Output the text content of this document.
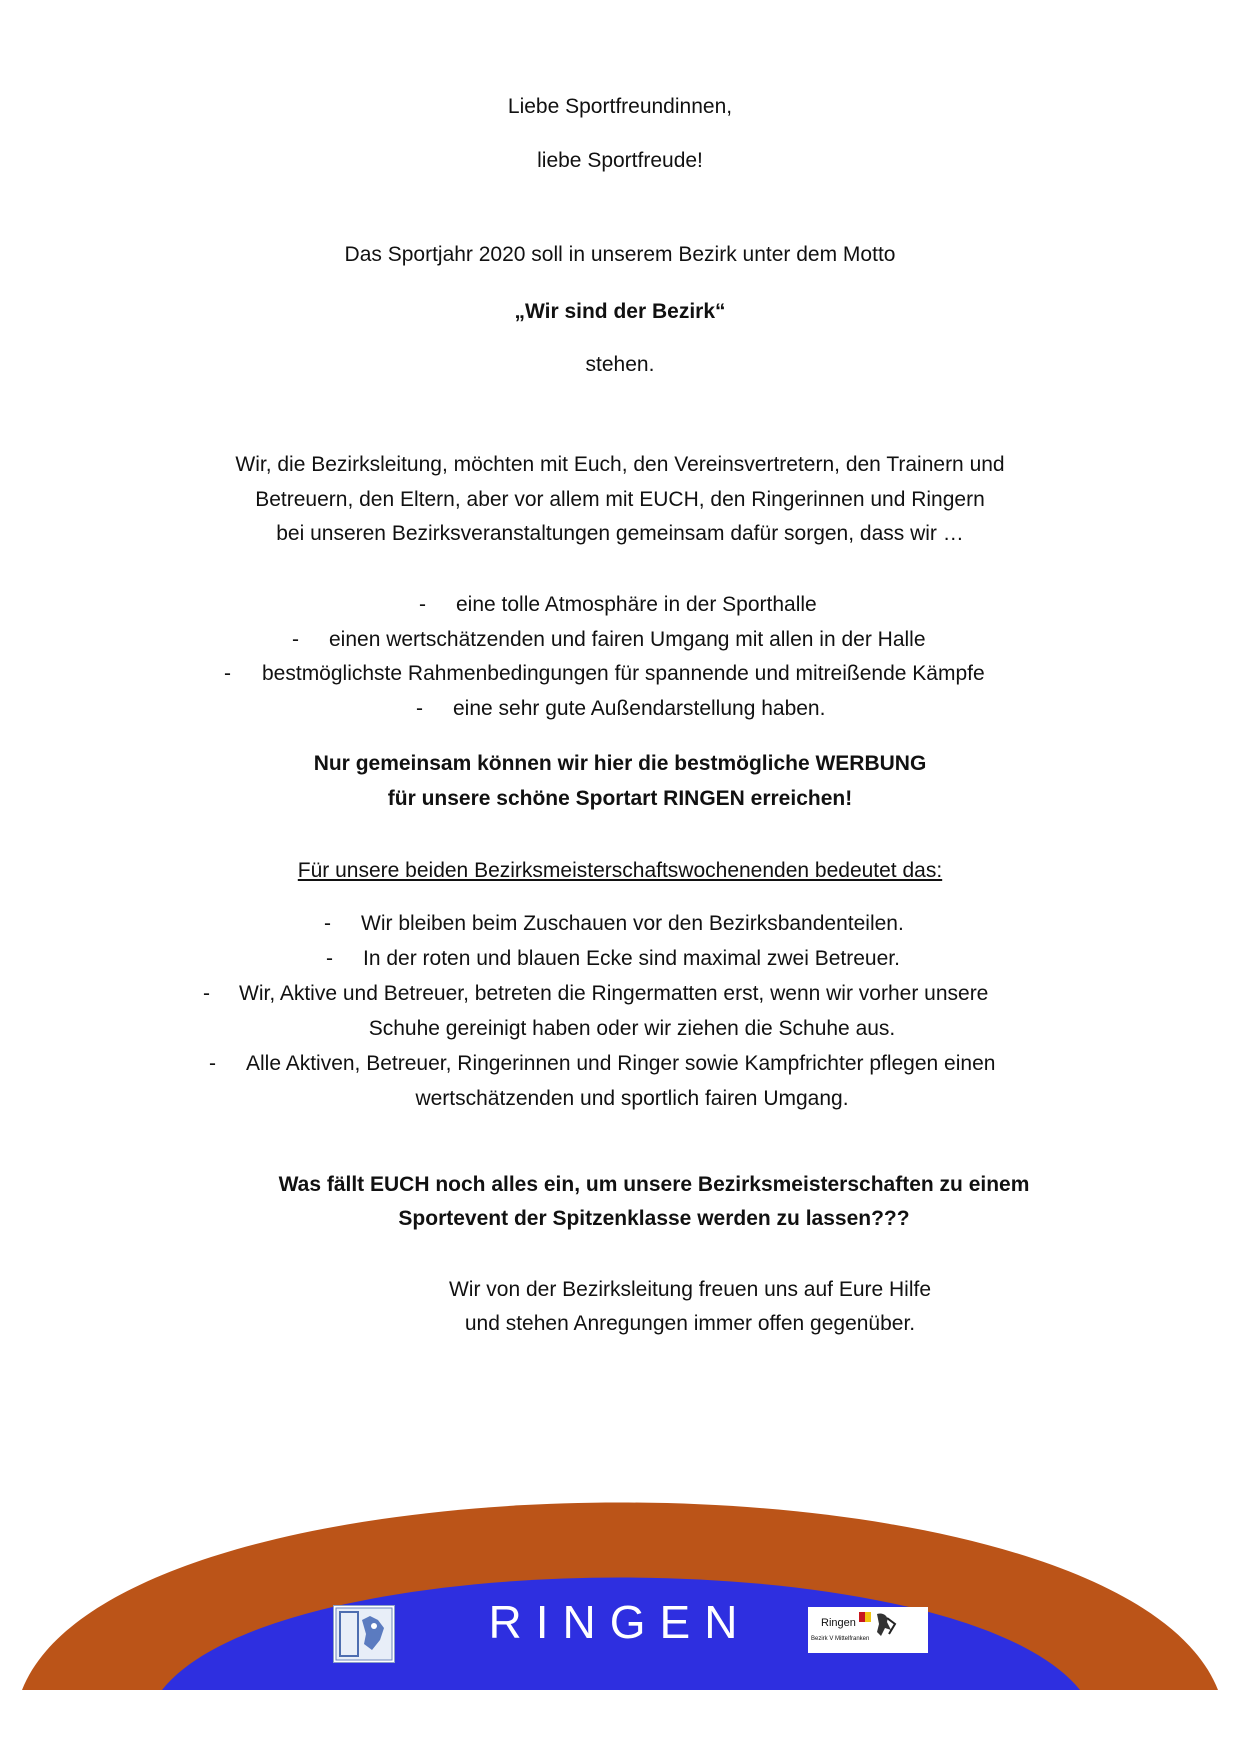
Liebe Sportfreundinnen,
liebe Sportfreude!
Das Sportjahr 2020 soll in unserem Bezirk unter dem Motto
„Wir sind der Bezirk“
stehen.
Wir, die Bezirksleitung, möchten mit Euch, den Vereinsvertretern, den Trainern und
Betreuern, den Eltern, aber vor allem mit EUCH, den Ringerinnen und Ringern
bei unseren Bezirksveranstaltungen gemeinsam dafür sorgen, dass wir …
- eine tolle Atmosphäre in der Sporthalle
- einen wertschätzenden und fairen Umgang mit allen in der Halle
- bestmöglichste Rahmenbedingungen für spannende und mitreißende Kämpfe
- eine sehr gute Außendarstellung haben.
Nur gemeinsam können wir hier die bestmögliche WERBUNG
für unsere schöne Sportart RINGEN erreichen!
Für unsere beiden Bezirksmeisterschaftswochenenden bedeutet das:
- Wir bleiben beim Zuschauen vor den Bezirksbandenteilen.
- In der roten und blauen Ecke sind maximal zwei Betreuer.
- Wir, Aktive und Betreuer, betreten die Ringermatten erst, wenn wir vorher unsere
Schuhe gereinigt haben oder wir ziehen die Schuhe aus.
- Alle Aktiven, Betreuer, Ringerinnen und Ringer sowie Kampfrichter pflegen einen
wertschätzenden und sportlich fairen Umgang.
Was fällt EUCH noch alles ein, um unsere Bezirksmeisterschaften zu einem
Sportevent der Spitzenklasse werden zu lassen???
Wir von der Bezirksleitung freuen uns auf Eure Hilfe
und stehen Anregungen immer offen gegenüber.
RINGEN	Ringen
Bezirk V Mittelfranken
